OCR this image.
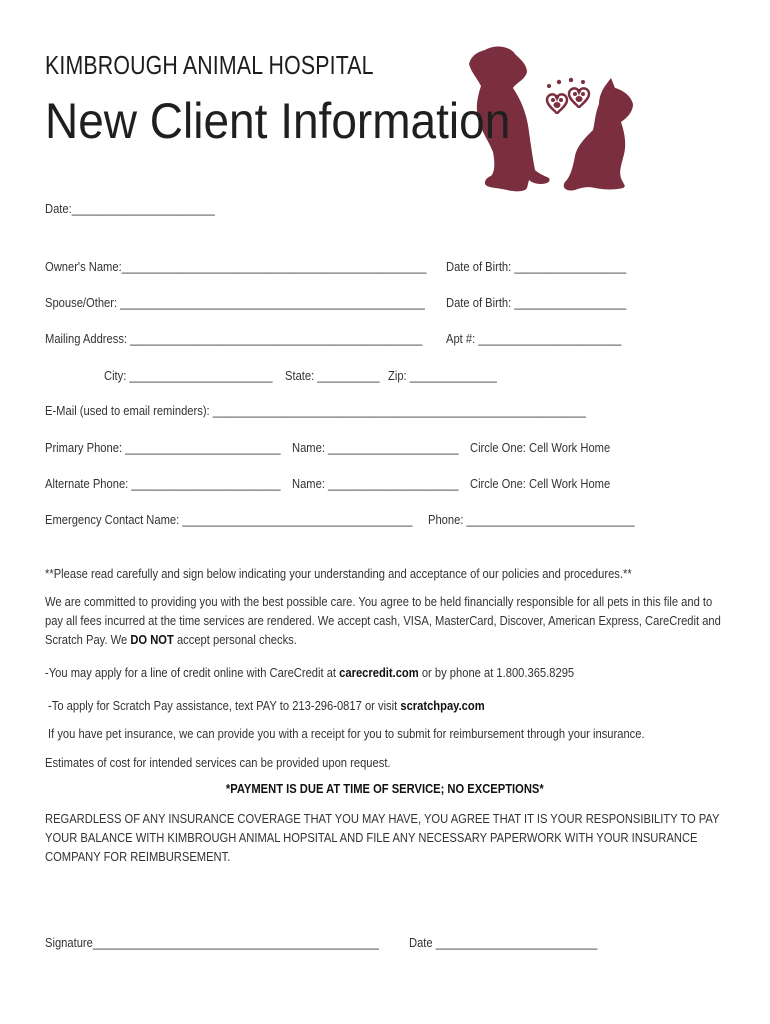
KIMBROUGH ANIMAL HOSPITAL
New Client Information
Date:_______________________
Owner's Name:_________________________________________________ Date of Birth: __________________
Spouse/Other: _________________________________________________ Date of Birth: __________________
Mailing Address: _______________________________________________ Apt #: _______________________
City: _______________________ State: __________ Zip: ______________
E-Mail (used to email reminders): ____________________________________________________________
Primary Phone: _________________________ Name: _____________________ Circle One: Cell Work Home
Alternate Phone: ________________________ Name: _____________________ Circle One: Cell Work Home
Emergency Contact Name: _____________________________________ Phone: ___________________________
**Please read carefully and sign below indicating your understanding and acceptance of our policies and procedures.**
We are committed to providing you with the best possible care. You agree to be held financially responsible for all pets in this file and to pay all fees incurred at the time services are rendered. We accept cash, VISA, MasterCard, Discover, American Express, CareCredit and Scratch Pay. We DO NOT accept personal checks.
-You may apply for a line of credit online with CareCredit at carecredit.com or by phone at 1.800.365.8295
-To apply for Scratch Pay assistance, text PAY to 213-296-0817 or visit scratchpay.com
If you have pet insurance, we can provide you with a receipt for you to submit for reimbursement through your insurance.
Estimates of cost for intended services can be provided upon request.
*PAYMENT IS DUE AT TIME OF SERVICE; NO EXCEPTIONS*
REGARDLESS OF ANY INSURANCE COVERAGE THAT YOU MAY HAVE, YOU AGREE THAT IT IS YOUR RESPONSIBILITY TO PAY YOUR BALANCE WITH KIMBROUGH ANIMAL HOPSITAL AND FILE ANY NECESSARY PAPERWORK WITH YOUR INSURANCE COMPANY FOR REIMBURSEMENT.
Signature______________________________________________ Date __________________________
